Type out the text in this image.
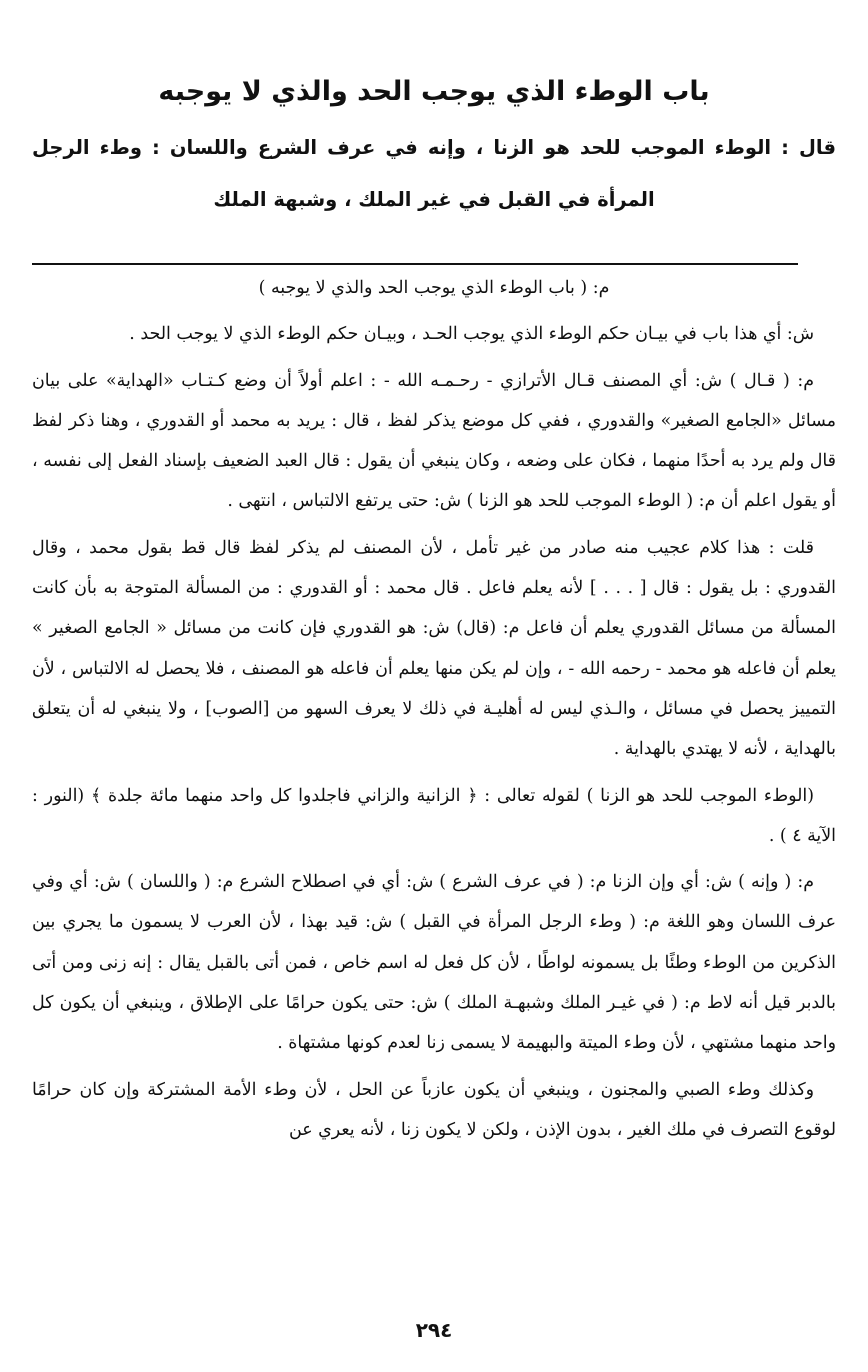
باب الوطء الذي يوجب الحد والذي لا يوجبه

قال : الوطء الموجب للحد هو الزنا ، وإنه في عرف الشرع واللسان : وطء الرجل المرأة في القبل في غير الملك ، وشبهة الملك

م: ( باب الوطء الذي يوجب الحد والذي لا يوجبه )

ش: أي هذا باب في بيـان حكم الوطء الذي يوجب الحـد ، وبيـان حكم الوطء الذي لا يوجب الحد .

م: ( قـال ) ش: أي المصنف قـال الأترازي - رحـمـه الله - : اعلم أولاً أن وضع كـتـاب «الهداية» على بيان مسائل «الجامع الصغير» والقدوري ، ففي كل موضع يذكر لفظ ، قال : يريد به محمد أو القدوري ، وهنا ذكر لفظ قال ولم يرد به أحدًا منهما ، فكان على وضعه ، وكان ينبغي أن يقول : قال العبد الضعيف بإسناد الفعل إلى نفسه ، أو يقول اعلم أن م: ( الوطء الموجب للحد هو الزنا ) ش: حتى يرتفع الالتباس ، انتهى .

قلت : هذا كلام عجيب منه صادر من غير تأمل ، لأن المصنف لم يذكر لفظ قال قط بقول محمد ، وقال القدوري : بل يقول : قال [ . . . ] لأنه يعلم فاعل . قال محمد : أو القدوري : من المسألة المتوجة به بأن كانت المسألة من مسائل القدوري يعلم أن فاعل م: (قال) ش: هو القدوري فإن كانت من مسائل « الجامع الصغير » يعلم أن فاعله هو محمد - رحمه الله - ، وإن لم يكن منها يعلم أن فاعله هو المصنف ، فلا يحصل له الالتباس ، لأن التمييز يحصل في مسائل ، والـذي ليس له أهليـة في ذلك لا يعرف السهو من [الصوب] ، ولا ينبغي له أن يتعلق بالهداية ، لأنه لا يهتدي بالهداية .

(الوطء الموجب للحد هو الزنا ) لقوله تعالى : ﴿ الزانية والزاني فاجلدوا كل واحد منهما مائة جلدة ﴾ (النور : الآية ٤ ) .

م: ( وإنه ) ش: أي وإن الزنا م: ( في عرف الشرع ) ش: أي في اصطلاح الشرع م: ( واللسان ) ش: أي وفي عرف اللسان وهو اللغة م: ( وطء الرجل المرأة في القبل ) ش: قيد بهذا ، لأن العرب لا يسمون ما يجري بين الذكرين من الوطء وطئًا بل يسمونه لواطًا ، لأن كل فعل له اسم خاص ، فمن أتى بالقبل يقال : إنه زنى ومن أتى بالدبر قيل أنه لاط م: ( في غيـر الملك وشبهـة الملك ) ش: حتى يكون حرامًا على الإطلاق ، وينبغي أن يكون كل واحد منهما مشتهي ، لأن وطء الميتة والبهيمة لا يسمى زنا لعدم كونها مشتهاة .

وكذلك وطء الصبي والمجنون ، وينبغي أن يكون عازباً عن الحل ، لأن وطء الأمة المشتركة وإن كان حرامًا لوقوع التصرف في ملك الغير ، بدون الإذن ، ولكن لا يكون زنا ، لأنه يعري عن

٢٩٤
